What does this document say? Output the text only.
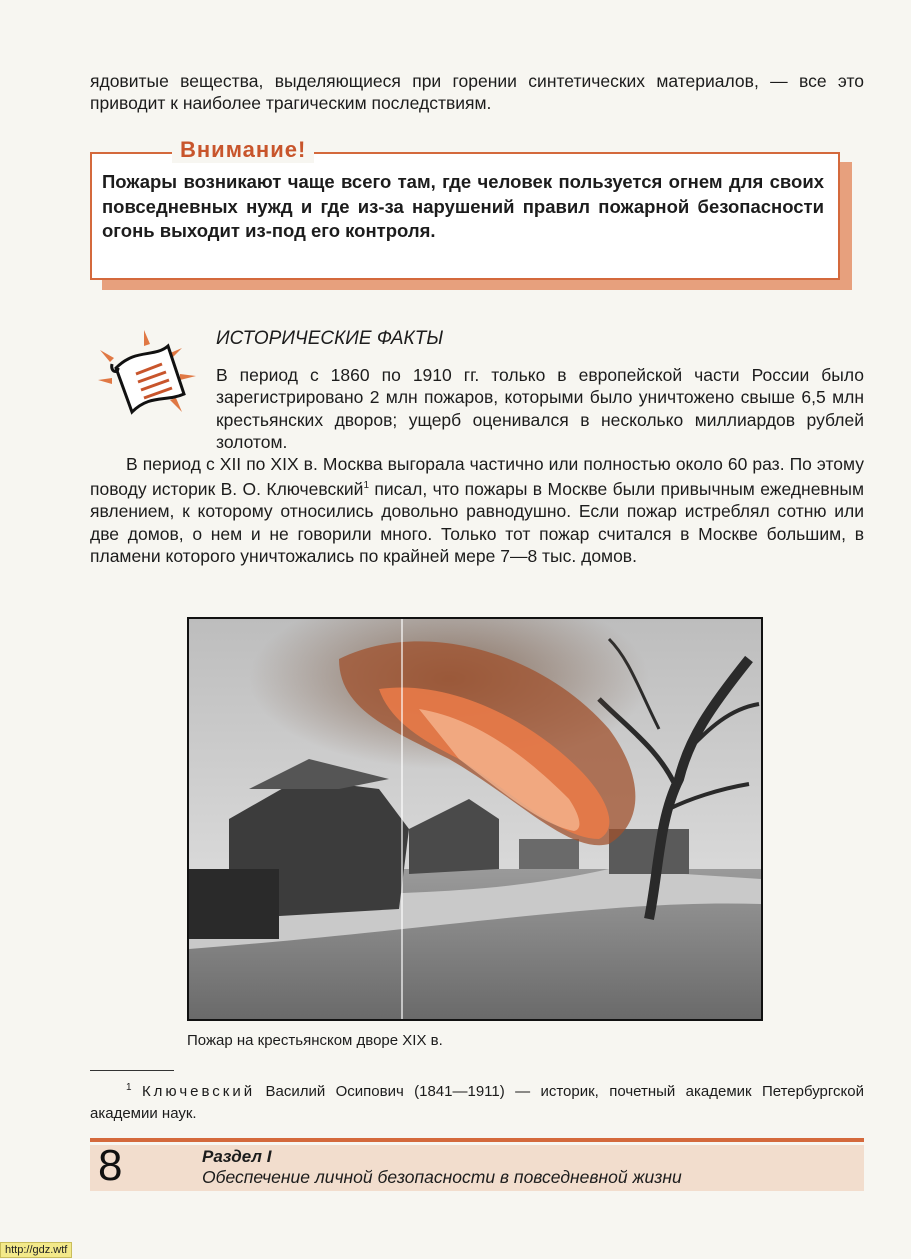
ядовитые вещества, выделяющиеся при горении синтетических материалов, — все это приводит к наиболее трагическим последствиям.
Внимание!
Пожары возникают чаще всего там, где человек пользуется огнем для своих повседневных нужд и где из-за нарушений правил пожарной безопасности огонь выходит из-под его контроля.
ИСТОРИЧЕСКИЕ ФАКТЫ
В период с 1860 по 1910 гг. только в европейской части России было зарегистрировано 2 млн пожаров, которыми было уничтожено свыше 6,5 млн крестьянских дворов; ущерб оценивался в несколько миллиардов рублей золотом.
В период с XII по XIX в. Москва выгорала частично или полностью около 60 раз. По этому поводу историк В. О. Ключевский$^1$ писал, что пожары в Москве были привычным ежедневным явлением, к которому относились довольно равнодушно. Если пожар истреблял сотню или две домов, о нем и не говорили много. Только тот пожар считался в Москве большим, в пламени которого уничтожались по крайней мере 7—8 тыс. домов.
Пожар на крестьянском дворе XIX в.
$^1$ Ключевский Василий Осипович (1841—1911) — историк, почетный академик Петербургской академии наук.
8	Раздел I
Обеспечение личной безопасности в повседневной жизни
http://gdz.wtf
